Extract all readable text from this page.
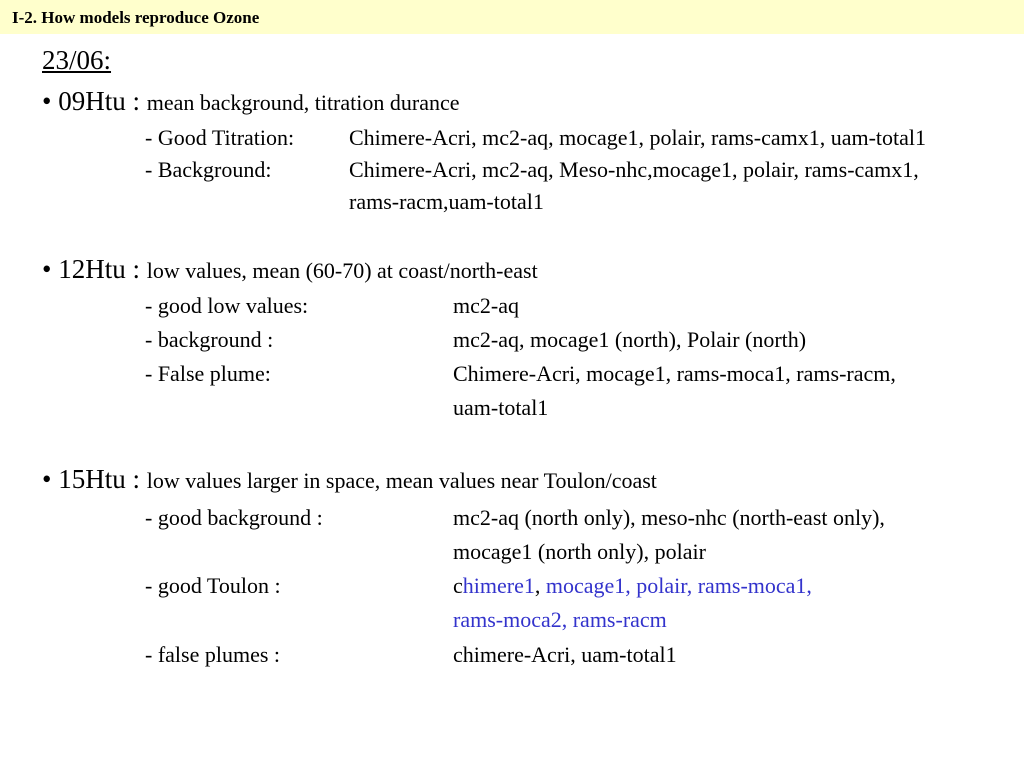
I-2. How models reproduce Ozone
23/06:
• 09Htu : mean background, titration durance
- Good Titration: Chimere-Acri, mc2-aq, mocage1, polair, rams-camx1, uam-total1
- Background:	Chimere-Acri, mc2-aq, Meso-nhc,mocage1, polair, rams-camx1,
rams-racm,uam-total1
• 12Htu : low values, mean (60-70) at coast/north-east
- good low values:	mc2-aq
- background :	mc2-aq, mocage1 (north), Polair (north)
- False plume:	Chimere-Acri, mocage1, rams-moca1, rams-racm,
uam-total1
• 15Htu : low values larger in space, mean values near Toulon/coast
- good background :	mc2-aq (north only), meso-nhc (north-east only),
mocage1 (north only), polair
- good Toulon :	chimere1, mocage1, polair, rams-moca1,
rams-moca2, rams-racm
- false plumes :	chimere-Acri, uam-total1
